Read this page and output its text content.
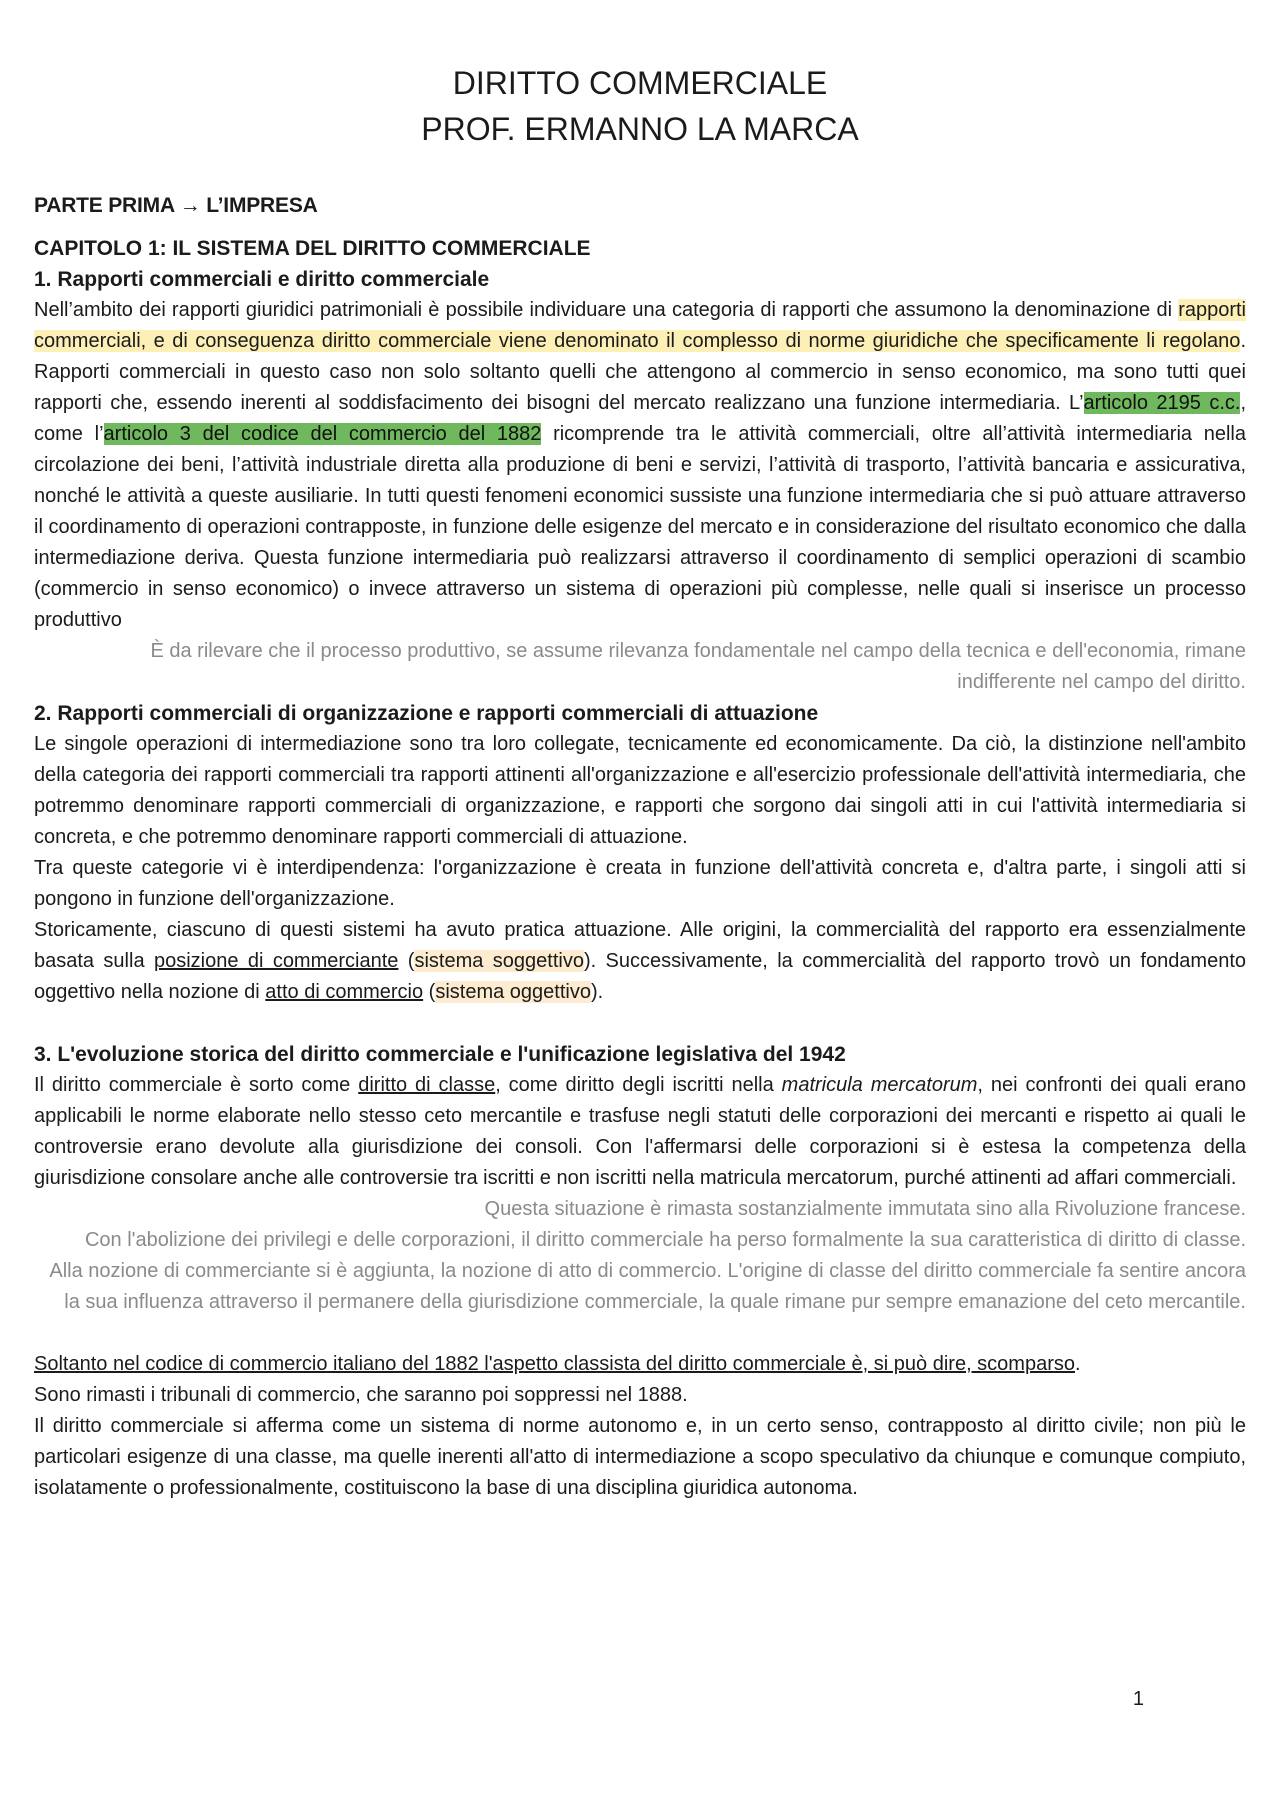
DIRITTO COMMERCIALE
PROF. ERMANNO LA MARCA
PARTE PRIMA → L’IMPRESA
CAPITOLO 1: IL SISTEMA DEL DIRITTO COMMERCIALE
1. Rapporti commerciali e diritto commerciale

Nell’ambito dei rapporti giuridici patrimoniali è possibile individuare una categoria di rapporti che assumono la denominazione di rapporti commerciali, e di conseguenza diritto commerciale viene denominato il complesso di norme giuridiche che specificamente li regolano. Rapporti commerciali in questo caso non solo soltanto quelli che attengono al commercio in senso economico, ma sono tutti quei rapporti che, essendo inerenti al soddisfacimento dei bisogni del mercato realizzano una funzione intermediaria. L’articolo 2195 c.c., come l’articolo 3 del codice del commercio del 1882 ricomprende tra le attività commerciali, oltre all’attività intermediaria nella circolazione dei beni, l’attività industriale diretta alla produzione di beni e servizi, l’attività di trasporto, l’attività bancaria e assicurativa, nonché le attività a queste ausiliarie. In tutti questi fenomeni economici sussiste una funzione intermediaria che si può attuare attraverso il coordinamento di operazioni contrapposte, in funzione delle esigenze del mercato e in considerazione del risultato economico che dalla intermediazione deriva. Questa funzione intermediaria può realizzarsi attraverso il coordinamento di semplici operazioni di scambio (commercio in senso economico) o invece attraverso un sistema di operazioni più complesse, nelle quali si inserisce un processo produttivo

È da rilevare che il processo produttivo, se assume rilevanza fondamentale nel campo della tecnica e dell'economia, rimane indifferente nel campo del diritto.
2. Rapporti commerciali di organizzazione e rapporti commerciali di attuazione

Le singole operazioni di intermediazione sono tra loro collegate, tecnicamente ed economicamente. Da ciò, la distinzione nell'ambito della categoria dei rapporti commerciali tra rapporti attinenti all'organizzazione e all'esercizio professionale dell'attività intermediaria, che potremmo denominare rapporti commerciali di organizzazione, e rapporti che sorgono dai singoli atti in cui l'attività intermediaria si concreta, e che potremmo denominare rapporti commerciali di attuazione.

Tra queste categorie vi è interdipendenza: l'organizzazione è creata in funzione dell'attività concreta e, d'altra parte, i singoli atti si pongono in funzione dell'organizzazione.

Storicamente, ciascuno di questi sistemi ha avuto pratica attuazione. Alle origini, la commercialità del rapporto era essenzialmente basata sulla posizione di commerciante (sistema soggettivo). Successivamente, la commercialità del rapporto trovò un fondamento oggettivo nella nozione di atto di commercio (sistema oggettivo).

3. L'evoluzione storica del diritto commerciale e l'unificazione legislativa del 1942

Il diritto commerciale è sorto come diritto di classe, come diritto degli iscritti nella matricula mercatorum, nei confronti dei quali erano applicabili le norme elaborate nello stesso ceto mercantile e trasfuse negli statuti delle corporazioni dei mercanti e rispetto ai quali le controversie erano devolute alla giurisdizione dei consoli. Con l'affermarsi delle corporazioni si è estesa la competenza della giurisdizione consolare anche alle controversie tra iscritti e non iscritti nella matricula mercatorum, purché attinenti ad affari commerciali.

Questa situazione è rimasta sostanzialmente immutata sino alla Rivoluzione francese.
Con l'abolizione dei privilegi e delle corporazioni, il diritto commerciale ha perso formalmente la sua caratteristica di diritto di classe. Alla nozione di commerciante si è aggiunta, la nozione di atto di commercio. L'origine di classe del diritto commerciale fa sentire ancora la sua influenza attraverso il permanere della giurisdizione commerciale, la quale rimane pur sempre emanazione del ceto mercantile.

Soltanto nel codice di commercio italiano del 1882 l'aspetto classista del diritto commerciale è, si può dire, scomparso.

Sono rimasti i tribunali di commercio, che saranno poi soppressi nel 1888.

Il diritto commerciale si afferma come un sistema di norme autonomo e, in un certo senso, contrapposto al diritto civile; non più le particolari esigenze di una classe, ma quelle inerenti all'atto di intermediazione a scopo speculativo da chiunque e comunque compiuto, isolatamente o professionalmente, costituiscono la base di una disciplina giuridica autonoma.

1
